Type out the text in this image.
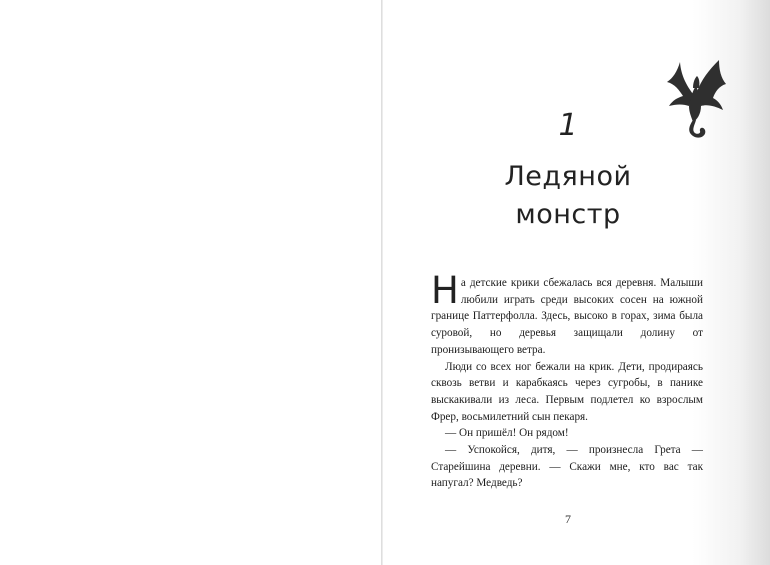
1
Ледяной
монстр

На детские крики сбежалась вся деревня. Малыши любили играть среди высоких сосен на южной границе Паттерфолла. Здесь, высоко в горах, зима была суровой, но деревья защищали долину от пронизывающего ветра.

Люди со всех ног бежали на крик. Дети, продираясь сквозь ветви и карабкаясь через сугробы, в панике выскакивали из леса. Первым подлетел ко взрослым Фрер, восьмилетний сын пекаря.

— Он пришёл! Он рядом!

— Успокойся, дитя, — произнесла Грета — Старейшина деревни. — Скажи мне, кто вас так напугал? Медведь?

7
